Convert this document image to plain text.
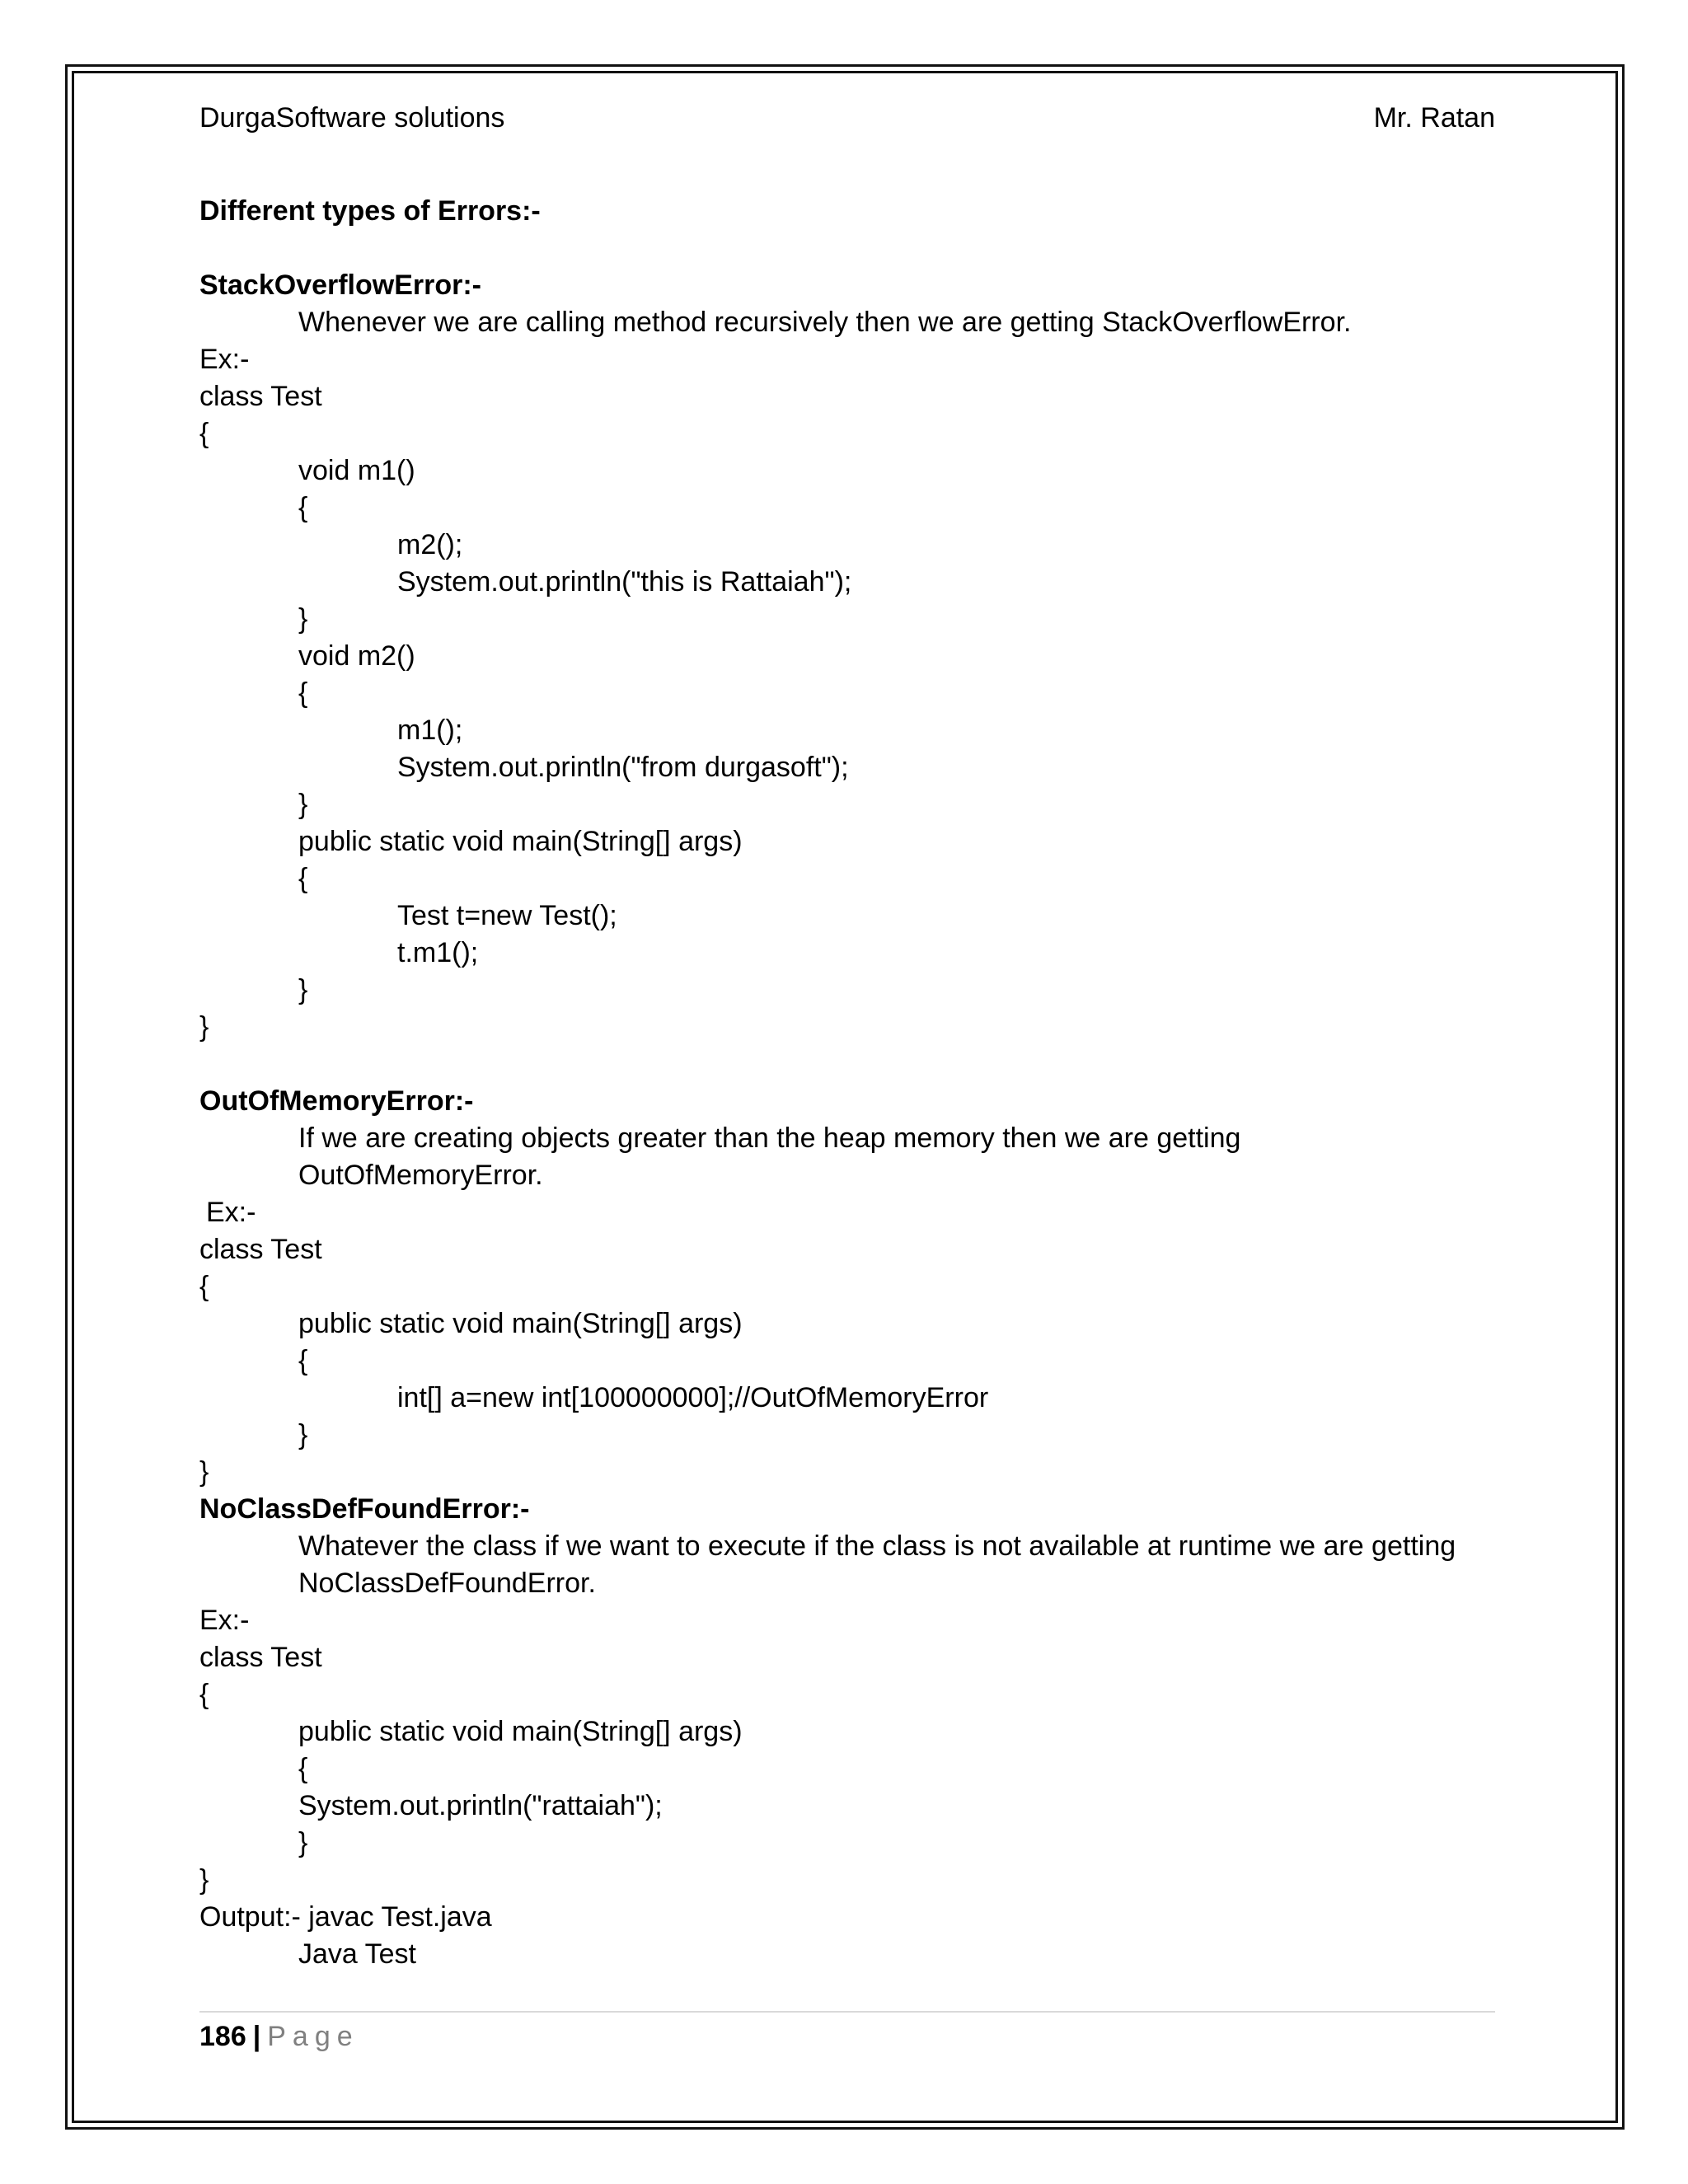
DurgaSoftware solutions	Mr. Ratan
Different types of Errors:-
StackOverflowError:-
Whenever we are calling method recursively then we are getting StackOverflowError.
Ex:-
class Test
{
void m1()
{
m2();
System.out.println("this is Rattaiah");
}
void m2()
{
m1();
System.out.println("from durgasoft");
}
public static void main(String[] args)
{
Test t=new Test();
t.m1();
}
}
OutOfMemoryError:-
If we are creating objects greater than the heap memory then we are getting
OutOfMemoryError.
Ex:-
class Test
{
public static void main(String[] args)
{
int[] a=new int[100000000];//OutOfMemoryError
}
}
NoClassDefFoundError:-
Whatever the class if we want to execute if the class is not available at runtime we are getting
NoClassDefFoundError.
Ex:-
class Test
{
public static void main(String[] args)
{
System.out.println("rattaiah");
}
}
Output:- javac Test.java
Java Test
186 | Page
